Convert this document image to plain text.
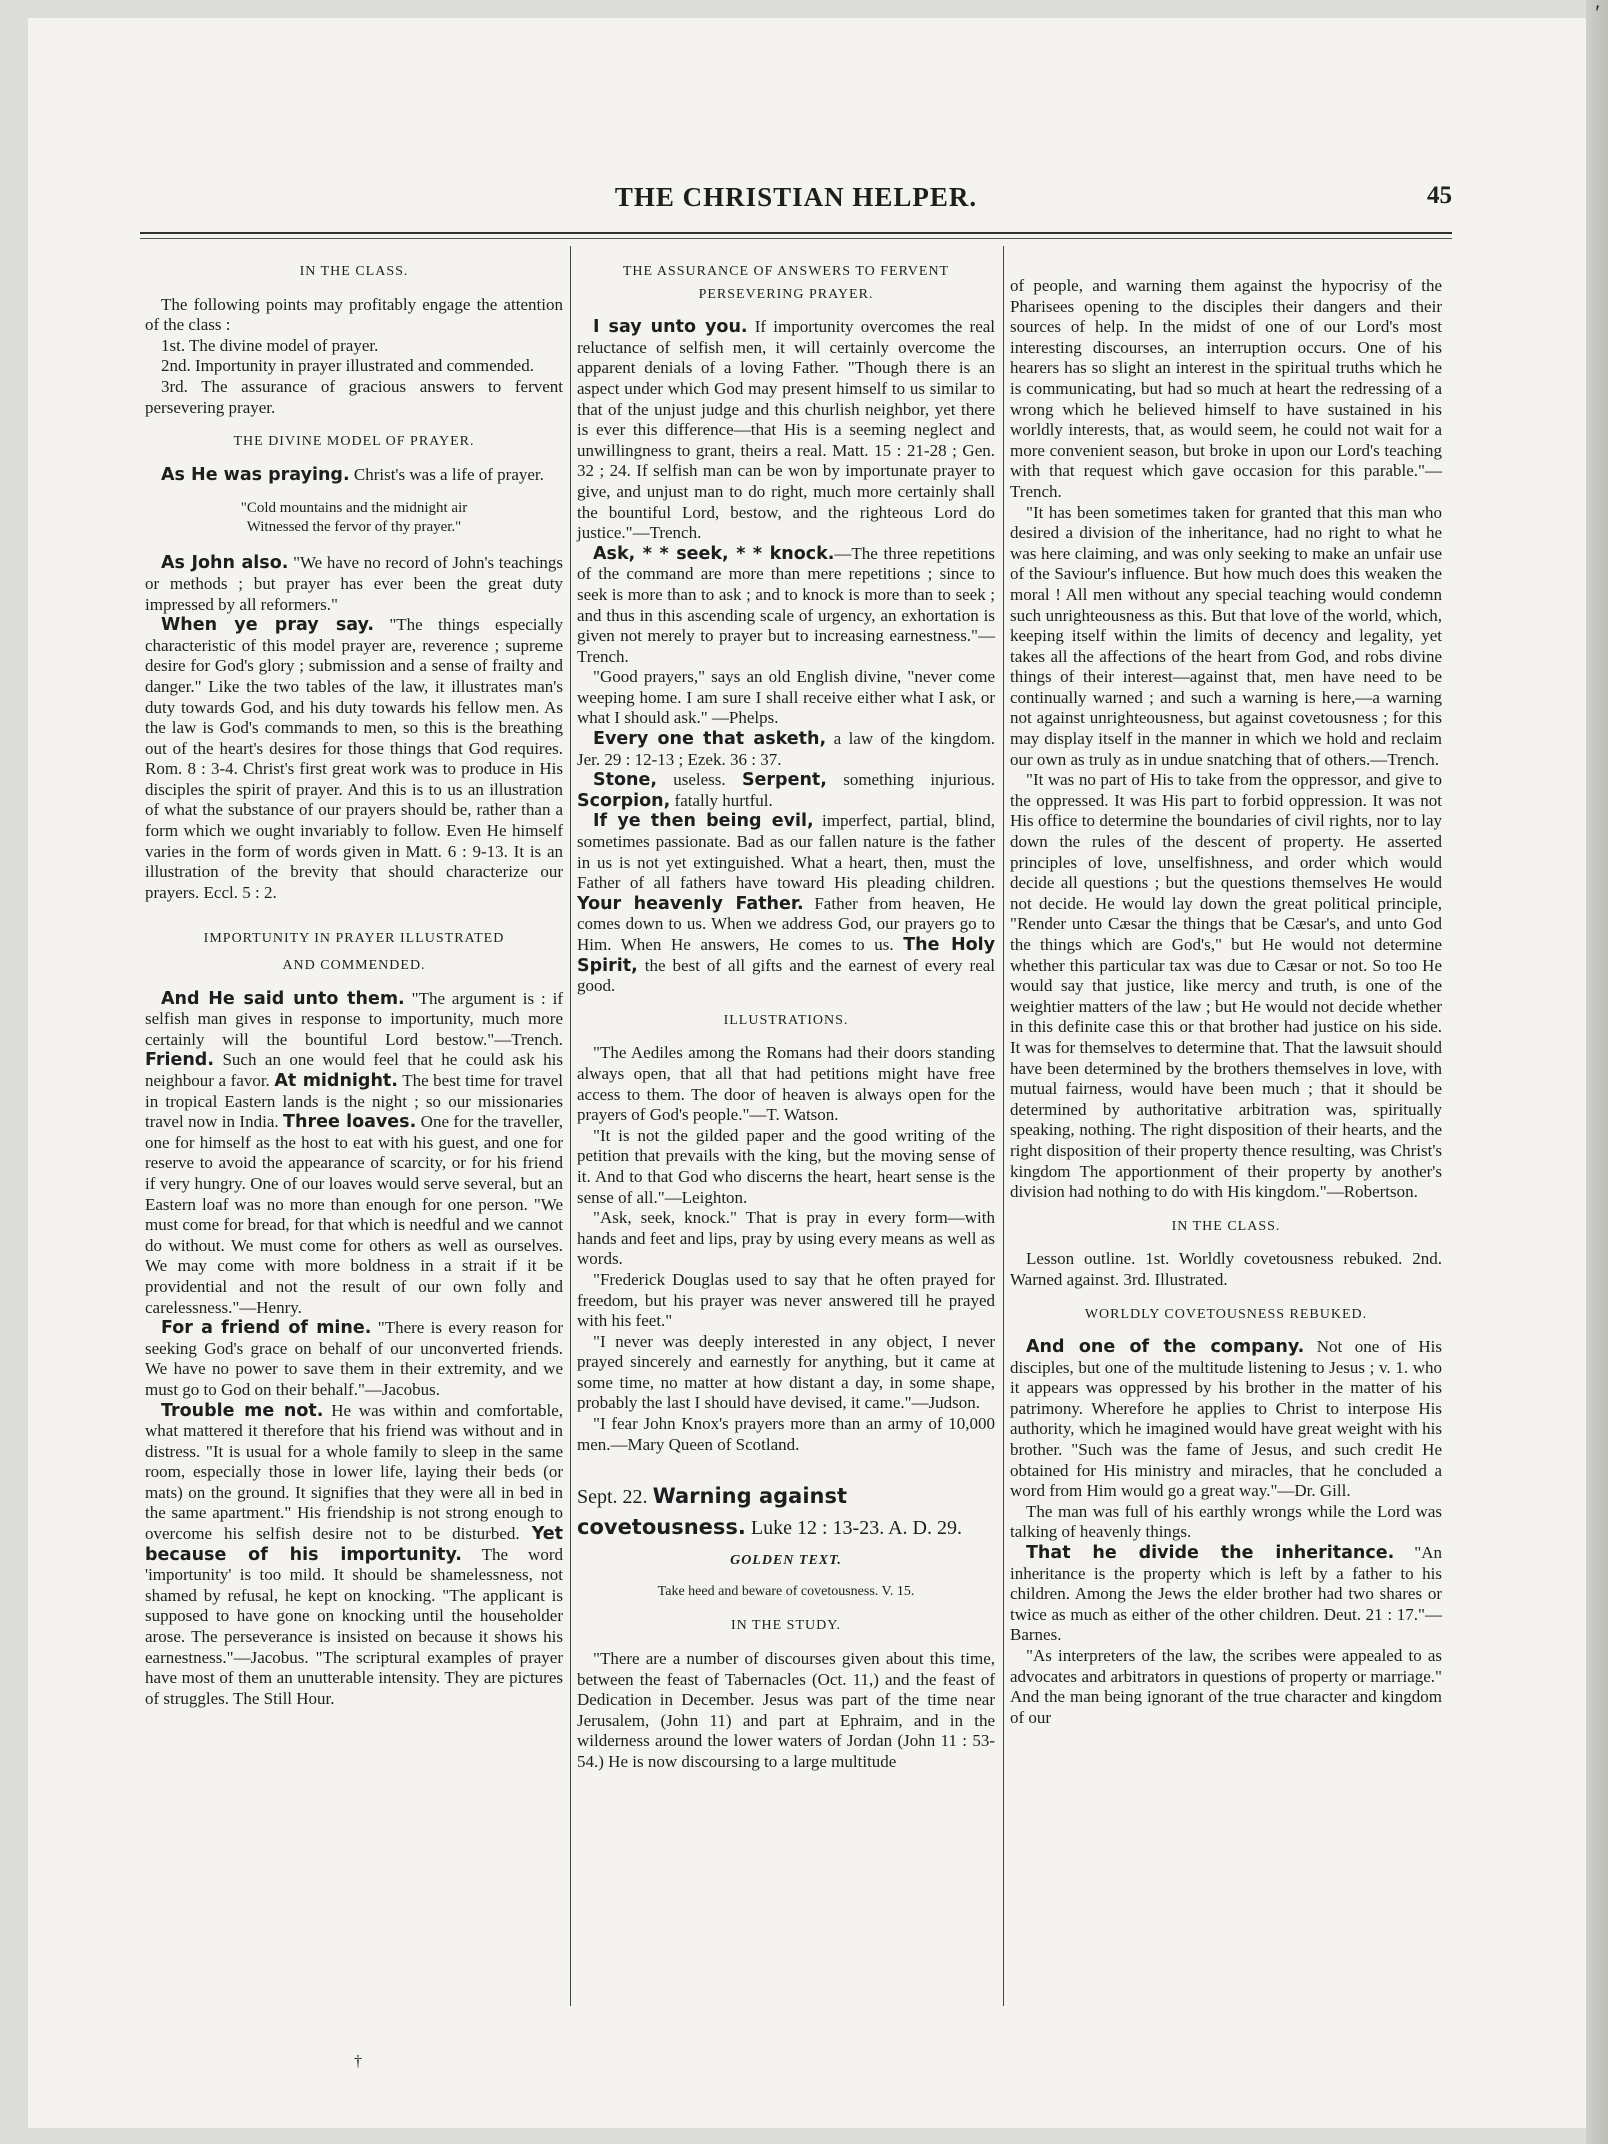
′
THE CHRISTIAN HELPER.	45
IN THE CLASS.

The following points may profitably engage the attention of the class :

1st. The divine model of prayer.

2nd. Importunity in prayer illustrated and commended.

3rd. The assurance of gracious answers to fervent persevering prayer.

THE DIVINE MODEL OF PRAYER.

As He was praying. Christ's was a life of prayer.

"Cold mountains and the midnight air
Witnessed the fervor of thy prayer."

As John also. "We have no record of John's teachings or methods ; but prayer has ever been the great duty impressed by all reformers."

When ye pray say. "The things especially characteristic of this model prayer are, reverence ; supreme desire for God's glory ; submission and a sense of frailty and danger." Like the two tables of the law, it illustrates man's duty towards God, and his duty towards his fellow men. As the law is God's commands to men, so this is the breathing out of the heart's desires for those things that God requires. Rom. 8 : 3-4. Christ's first great work was to produce in His disciples the spirit of prayer. And this is to us an illustration of what the substance of our prayers should be, rather than a form which we ought invariably to follow. Even He himself varies in the form of words given in Matt. 6 : 9-13. It is an illustration of the brevity that should characterize our prayers. Eccl. 5 : 2.

IMPORTUNITY IN PRAYER ILLUSTRATED
AND COMMENDED.

And He said unto them. "The argument is : if selfish man gives in response to importunity, much more certainly will the bountiful Lord bestow."—Trench. Friend. Such an one would feel that he could ask his neighbour a favor. At midnight. The best time for travel in tropical Eastern lands is the night ; so our missionaries travel now in India. Three loaves. One for the traveller, one for himself as the host to eat with his guest, and one for reserve to avoid the appearance of scarcity, or for his friend if very hungry. One of our loaves would serve several, but an Eastern loaf was no more than enough for one person. "We must come for bread, for that which is needful and we cannot do without. We must come for others as well as ourselves. We may come with more boldness in a strait if it be providential and not the result of our own folly and carelessness."—Henry.

For a friend of mine. "There is every reason for seeking God's grace on behalf of our unconverted friends. We have no power to save them in their extremity, and we must go to God on their behalf."—Jacobus.

Trouble me not. He was within and comfortable, what mattered it therefore that his friend was without and in distress. "It is usual for a whole family to sleep in the same room, especially those in lower life, laying their beds (or mats) on the ground. It signifies that they were all in bed in the same apartment." His friendship is not strong enough to overcome his selfish desire not to be disturbed. Yet because of his importunity. The word 'importunity' is too mild. It should be shamelessness, not shamed by refusal, he kept on knocking. "The applicant is supposed to have gone on knocking until the householder arose. The perseverance is insisted on because it shows his earnestness."—Jacobus. "The scriptural examples of prayer have most of them an unutterable intensity. They are pictures of struggles. The Still Hour.

THE ASSURANCE OF ANSWERS TO FERVENT
PERSEVERING PRAYER.

I say unto you. If importunity overcomes the real reluctance of selfish men, it will certainly overcome the apparent denials of a loving Father. "Though there is an aspect under which God may present himself to us similar to that of the unjust judge and this churlish neighbor, yet there is ever this difference—that His is a seeming neglect and unwillingness to grant, theirs a real. Matt. 15 : 21-28 ; Gen. 32 ; 24. If selfish man can be won by importunate prayer to give, and unjust man to do right, much more certainly shall the bountiful Lord, bestow, and the righteous Lord do justice."—Trench.

Ask, * * seek, * * knock.—The three repetitions of the command are more than mere repetitions ; since to seek is more than to ask ; and to knock is more than to seek ; and thus in this ascending scale of urgency, an exhortation is given not merely to prayer but to increasing earnestness."—Trench.

"Good prayers," says an old English divine, "never come weeping home. I am sure I shall receive either what I ask, or what I should ask." —Phelps.

Every one that asketh, a law of the kingdom. Jer. 29 : 12-13 ; Ezek. 36 : 37.

Stone, useless. Serpent, something injurious. Scorpion, fatally hurtful.

If ye then being evil, imperfect, partial, blind, sometimes passionate. Bad as our fallen nature is the father in us is not yet extinguished. What a heart, then, must the Father of all fathers have toward His pleading children. Your heavenly Father. Father from heaven, He comes down to us. When we address God, our prayers go to Him. When He answers, He comes to us. The Holy Spirit, the best of all gifts and the earnest of every real good.

ILLUSTRATIONS.

"The Aediles among the Romans had their doors standing always open, that all that had petitions might have free access to them. The door of heaven is always open for the prayers of God's people."—T. Watson.

"It is not the gilded paper and the good writing of the petition that prevails with the king, but the moving sense of it. And to that God who discerns the heart, heart sense is the sense of all."—Leighton.

"Ask, seek, knock." That is pray in every form—with hands and feet and lips, pray by using every means as well as words.

"Frederick Douglas used to say that he often prayed for freedom, but his prayer was never answered till he prayed with his feet."

"I never was deeply interested in any object, I never prayed sincerely and earnestly for anything, but it came at some time, no matter at how distant a day, in some shape, probably the last I should have devised, it came."—Judson.

"I fear John Knox's prayers more than an army of 10,000 men.—Mary Queen of Scotland.

Sept. 22. Warning against covetousness. Luke 12 : 13-23. A. D. 29.
GOLDEN TEXT.
Take heed and beware of covetousness. V. 15.
IN THE STUDY.

"There are a number of discourses given about this time, between the feast of Tabernacles (Oct. 11,) and the feast of Dedication in December. Jesus was part of the time near Jerusalem, (John 11) and part at Ephraim, and in the wilderness around the lower waters of Jordan (John 11 : 53-54.) He is now discoursing to a large multitude

of people, and warning them against the hypocrisy of the Pharisees opening to the disciples their dangers and their sources of help. In the midst of one of our Lord's most interesting discourses, an interruption occurs. One of his hearers has so slight an interest in the spiritual truths which he is communicating, but had so much at heart the redressing of a wrong which he believed himself to have sustained in his worldly interests, that, as would seem, he could not wait for a more convenient season, but broke in upon our Lord's teaching with that request which gave occasion for this parable."—Trench.

"It has been sometimes taken for granted that this man who desired a division of the inheritance, had no right to what he was here claiming, and was only seeking to make an unfair use of the Saviour's influence. But how much does this weaken the moral ! All men without any special teaching would condemn such unrighteousness as this. But that love of the world, which, keeping itself within the limits of decency and legality, yet takes all the affections of the heart from God, and robs divine things of their interest—against that, men have need to be continually warned ; and such a warning is here,—a warning not against unrighteousness, but against covetousness ; for this may display itself in the manner in which we hold and reclaim our own as truly as in undue snatching that of others.—Trench.

"It was no part of His to take from the oppressor, and give to the oppressed. It was His part to forbid oppression. It was not His office to determine the boundaries of civil rights, nor to lay down the rules of the descent of property. He asserted principles of love, unselfishness, and order which would decide all questions ; but the questions themselves He would not decide. He would lay down the great political principle, "Render unto Cæsar the things that be Cæsar's, and unto God the things which are God's," but He would not determine whether this particular tax was due to Cæsar or not. So too He would say that justice, like mercy and truth, is one of the weightier matters of the law ; but He would not decide whether in this definite case this or that brother had justice on his side. It was for themselves to determine that. That the lawsuit should have been determined by the brothers themselves in love, with mutual fairness, would have been much ; that it should be determined by authoritative arbitration was, spiritually speaking, nothing. The right disposition of their hearts, and the right disposition of their property thence resulting, was Christ's kingdom The apportionment of their property by another's division had nothing to do with His kingdom."—Robertson.

IN THE CLASS.

Lesson outline. 1st. Worldly covetousness rebuked. 2nd. Warned against. 3rd. Illustrated.

WORLDLY COVETOUSNESS REBUKED.

And one of the company. Not one of His disciples, but one of the multitude listening to Jesus ; v. 1. who it appears was oppressed by his brother in the matter of his patrimony. Wherefore he applies to Christ to interpose His authority, which he imagined would have great weight with his brother. "Such was the fame of Jesus, and such credit He obtained for His ministry and miracles, that he concluded a word from Him would go a great way."—Dr. Gill.

The man was full of his earthly wrongs while the Lord was talking of heavenly things.

That he divide the inheritance. "An inheritance is the property which is left by a father to his children. Among the Jews the elder brother had two shares or twice as much as either of the other children. Deut. 21 : 17."—Barnes.

"As interpreters of the law, the scribes were appealed to as advocates and arbitrators in questions of property or marriage." And the man being ignorant of the true character and kingdom of our

†
